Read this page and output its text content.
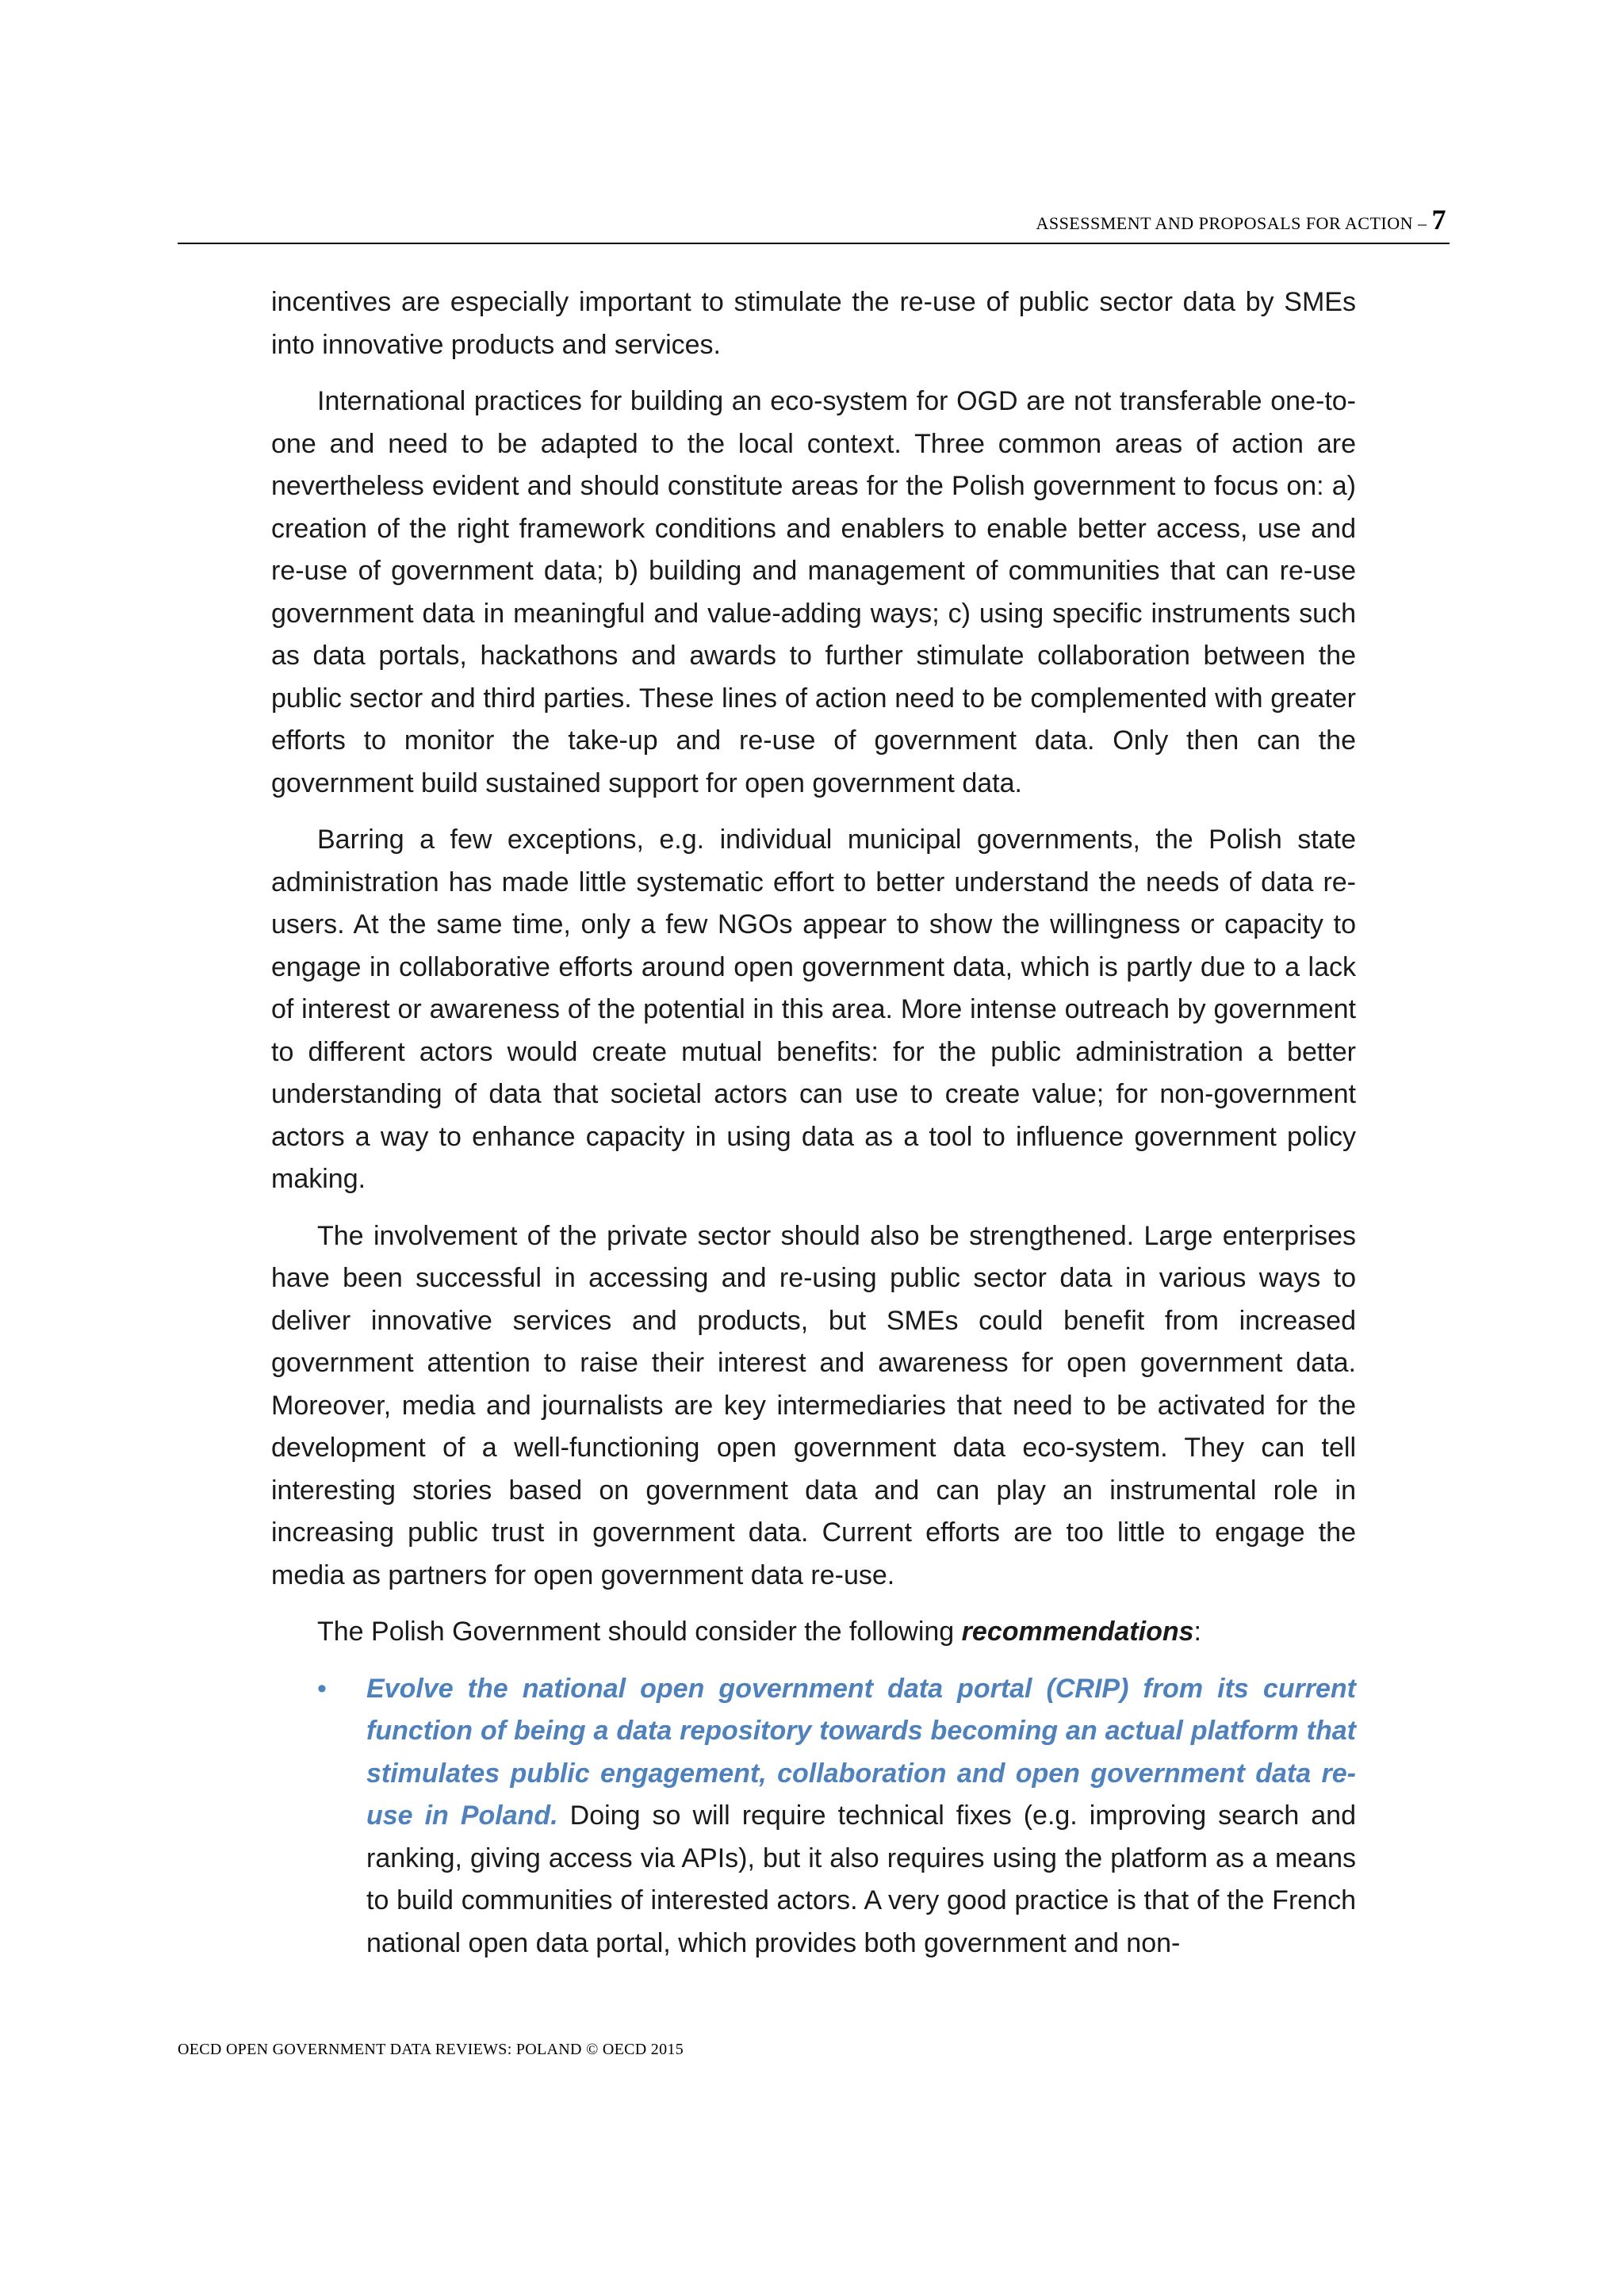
ASSESSMENT AND PROPOSALS FOR ACTION – 7

incentives are especially important to stimulate the re-use of public sector data by SMEs into innovative products and services.

International practices for building an eco-system for OGD are not transferable one-to-one and need to be adapted to the local context. Three common areas of action are nevertheless evident and should constitute areas for the Polish government to focus on: a) creation of the right framework conditions and enablers to enable better access, use and re-use of government data; b) building and management of communities that can re-use government data in meaningful and value-adding ways; c) using specific instruments such as data portals, hackathons and awards to further stimulate collaboration between the public sector and third parties. These lines of action need to be complemented with greater efforts to monitor the take-up and re-use of government data. Only then can the government build sustained support for open government data.

Barring a few exceptions, e.g. individual municipal governments, the Polish state administration has made little systematic effort to better understand the needs of data re-users. At the same time, only a few NGOs appear to show the willingness or capacity to engage in collaborative efforts around open government data, which is partly due to a lack of interest or awareness of the potential in this area. More intense outreach by government to different actors would create mutual benefits: for the public administration a better understanding of data that societal actors can use to create value; for non-government actors a way to enhance capacity in using data as a tool to influence government policy making.

The involvement of the private sector should also be strengthened. Large enterprises have been successful in accessing and re-using public sector data in various ways to deliver innovative services and products, but SMEs could benefit from increased government attention to raise their interest and awareness for open government data. Moreover, media and journalists are key intermediaries that need to be activated for the development of a well-functioning open government data eco-system. They can tell interesting stories based on government data and can play an instrumental role in increasing public trust in government data. Current efforts are too little to engage the media as partners for open government data re-use.

The Polish Government should consider the following recommendations:

• Evolve the national open government data portal (CRIP) from its current function of being a data repository towards becoming an actual platform that stimulates public engagement, collaboration and open government data re-use in Poland. Doing so will require technical fixes (e.g. improving search and ranking, giving access via APIs), but it also requires using the platform as a means to build communities of interested actors. A very good practice is that of the French national open data portal, which provides both government and non-
OECD OPEN GOVERNMENT DATA REVIEWS: POLAND © OECD 2015
